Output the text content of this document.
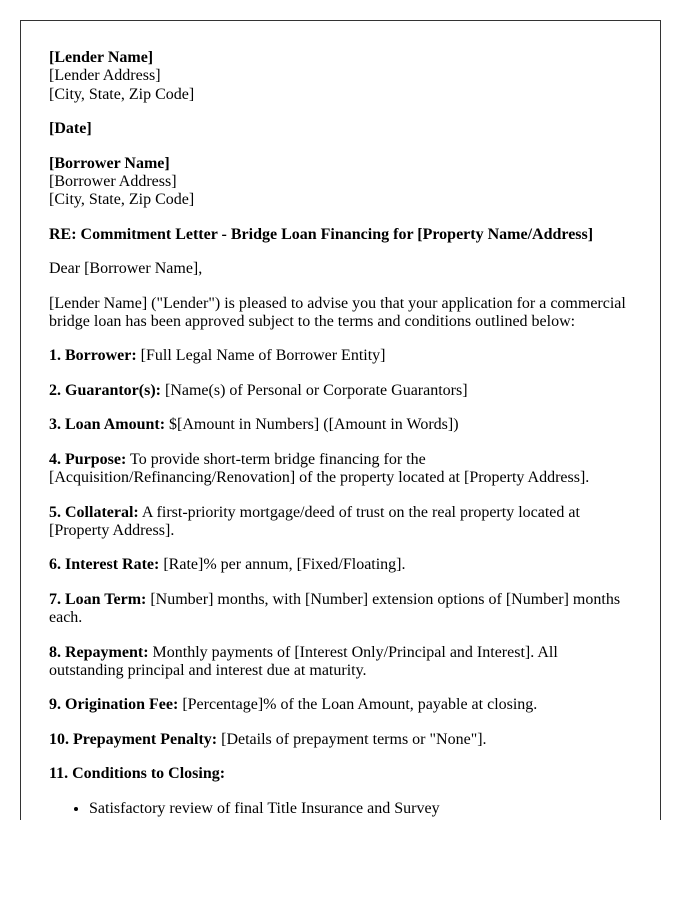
[Lender Name]
[Lender Address]
[City, State, Zip Code]

[Date]

[Borrower Name]
[Borrower Address]
[City, State, Zip Code]

RE: Commitment Letter - Bridge Loan Financing for [Property Name/Address]

Dear [Borrower Name],

[Lender Name] ("Lender") is pleased to advise you that your application for a commercial bridge loan has been approved subject to the terms and conditions outlined below:

1. Borrower: [Full Legal Name of Borrower Entity]

2. Guarantor(s): [Name(s) of Personal or Corporate Guarantors]

3. Loan Amount: $[Amount in Numbers] ([Amount in Words])

4. Purpose: To provide short-term bridge financing for the [Acquisition/Refinancing/Renovation] of the property located at [Property Address].

5. Collateral: A first-priority mortgage/deed of trust on the real property located at [Property Address].

6. Interest Rate: [Rate]% per annum, [Fixed/Floating].

7. Loan Term: [Number] months, with [Number] extension options of [Number] months each.

8. Repayment: Monthly payments of [Interest Only/Principal and Interest]. All outstanding principal and interest due at maturity.

9. Origination Fee: [Percentage]% of the Loan Amount, payable at closing.

10. Prepayment Penalty: [Details of prepayment terms or "None"].

11. Conditions to Closing:

• Satisfactory review of final Title Insurance and Survey
